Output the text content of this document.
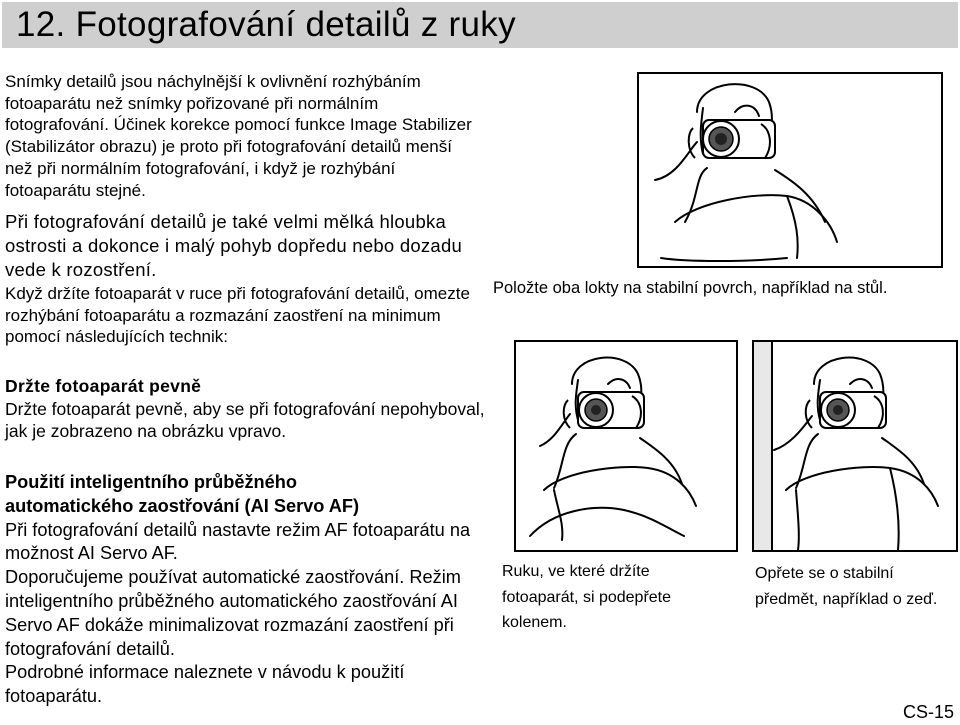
12. Fotografování detailů z ruky

Snímky detailů jsou náchylnější k ovlivnění rozhýbáním fotoaparátu než snímky pořizované při normálním fotografování. Účinek korekce pomocí funkce Image Stabilizer (Stabilizátor obrazu) je proto při fotografování detailů menší než při normálním fotografování, i když je rozhýbání fotoaparátu stejné.

Při fotografování detailů je také velmi mělká hloubka ostrosti a dokonce i malý pohyb dopředu nebo dozadu vede k rozostření.

Když držíte fotoaparát v ruce při fotografování detailů, omezte rozhýbání fotoaparátu a rozmazání zaostření na minimum pomocí následujících technik:

Držte fotoaparát pevně
Držte fotoaparát pevně, aby se při fotografování nepohyboval, jak je zobrazeno na obrázku vpravo.
Použití inteligentního průběžného
automatického zaostřování (AI Servo AF)
Při fotografování detailů nastavte režim AF fotoaparátu na možnost AI Servo AF.
Doporučujeme používat automatické zaostřování. Režim inteligentního průběžného automatického zaostřování AI Servo AF dokáže minimalizovat rozmazání zaostření při fotografování detailů.
Podrobné informace naleznete v návodu k použití fotoaparátu.

Položte oba lokty na stabilní povrch, například na stůl.

Ruku, ve které držíte fotoaparát, si podepřete kolenem.

Opřete se o stabilní předmět, například o zeď.

CS-15
